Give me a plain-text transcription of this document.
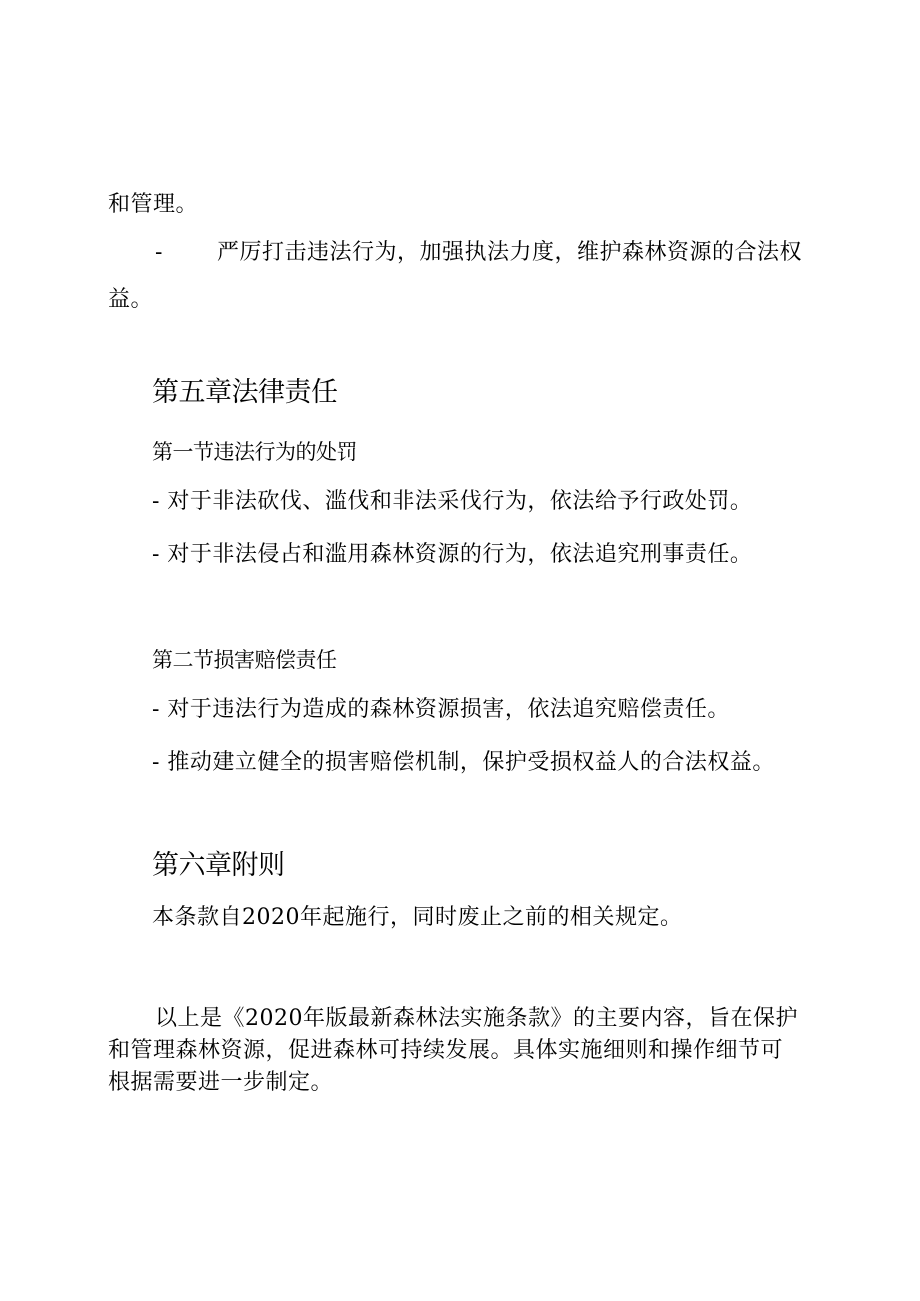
和管理。
- 严厉打击违法行为，加强执法力度，维护森林资源的合法权
益。
第五章法律责任
第一节违法行为的处罚
- 对于非法砍伐、滥伐和非法采伐行为，依法给予行政处罚。
- 对于非法侵占和滥用森林资源的行为，依法追究刑事责任。
第二节损害赔偿责任
- 对于违法行为造成的森林资源损害，依法追究赔偿责任。
- 推动建立健全的损害赔偿机制，保护受损权益人的合法权益。
第六章附则
本条款自2020年起施行，同时废止之前的相关规定。
以上是《2020年版最新森林法实施条款》的主要内容，旨在保护
和管理森林资源，促进森林可持续发展。具体实施细则和操作细节可
根据需要进一步制定。
